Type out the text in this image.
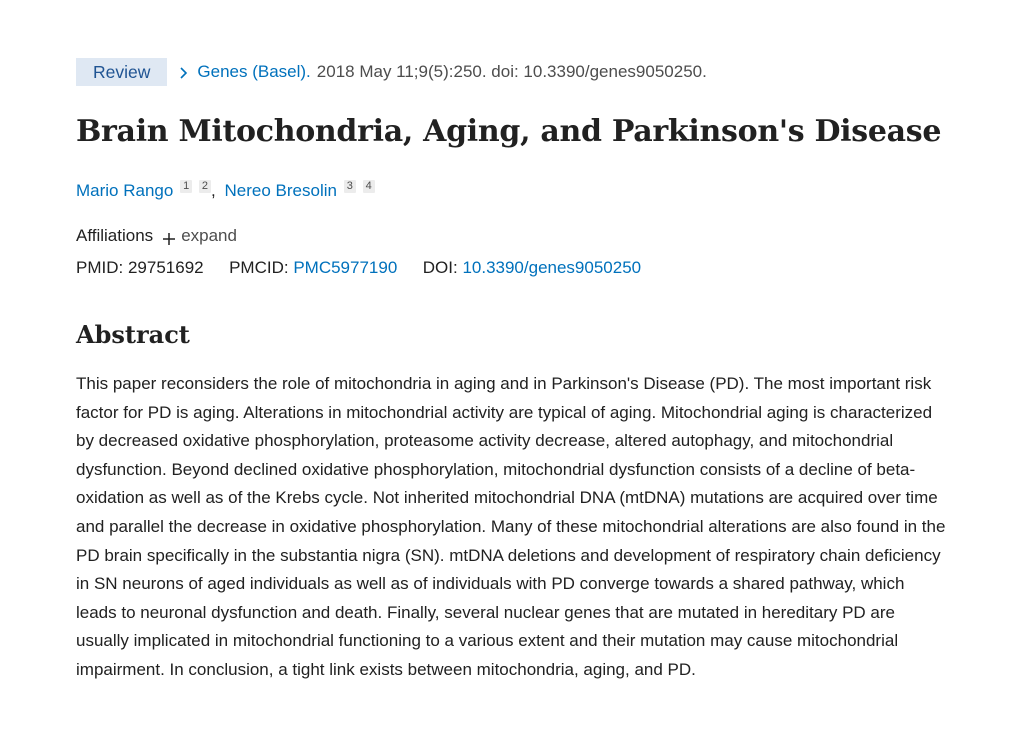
Review	Genes (Basel). 2018 May 11;9(5):250. doi: 10.3390/genes9050250.
Brain Mitochondria, Aging, and Parkinson's Disease
Mario Rango 1 2 , Nereo Bresolin 3 4
Affiliations expand
PMID: 29751692 PMCID: PMC5977190 DOI: 10.3390/genes9050250
Abstract

This paper reconsiders the role of mitochondria in aging and in Parkinson's Disease (PD). The most important risk factor for PD is aging. Alterations in mitochondrial activity are typical of aging. Mitochondrial aging is characterized by decreased oxidative phosphorylation, proteasome activity decrease, altered autophagy, and mitochondrial dysfunction. Beyond declined oxidative phosphorylation, mitochondrial dysfunction consists of a decline of beta-oxidation as well as of the Krebs cycle. Not inherited mitochondrial DNA (mtDNA) mutations are acquired over time and parallel the decrease in oxidative phosphorylation. Many of these mitochondrial alterations are also found in the PD brain specifically in the substantia nigra (SN). mtDNA deletions and development of respiratory chain deficiency in SN neurons of aged individuals as well as of individuals with PD converge towards a shared pathway, which leads to neuronal dysfunction and death. Finally, several nuclear genes that are mutated in hereditary PD are usually implicated in mitochondrial functioning to a various extent and their mutation may cause mitochondrial impairment. In conclusion, a tight link exists between mitochondria, aging, and PD.
